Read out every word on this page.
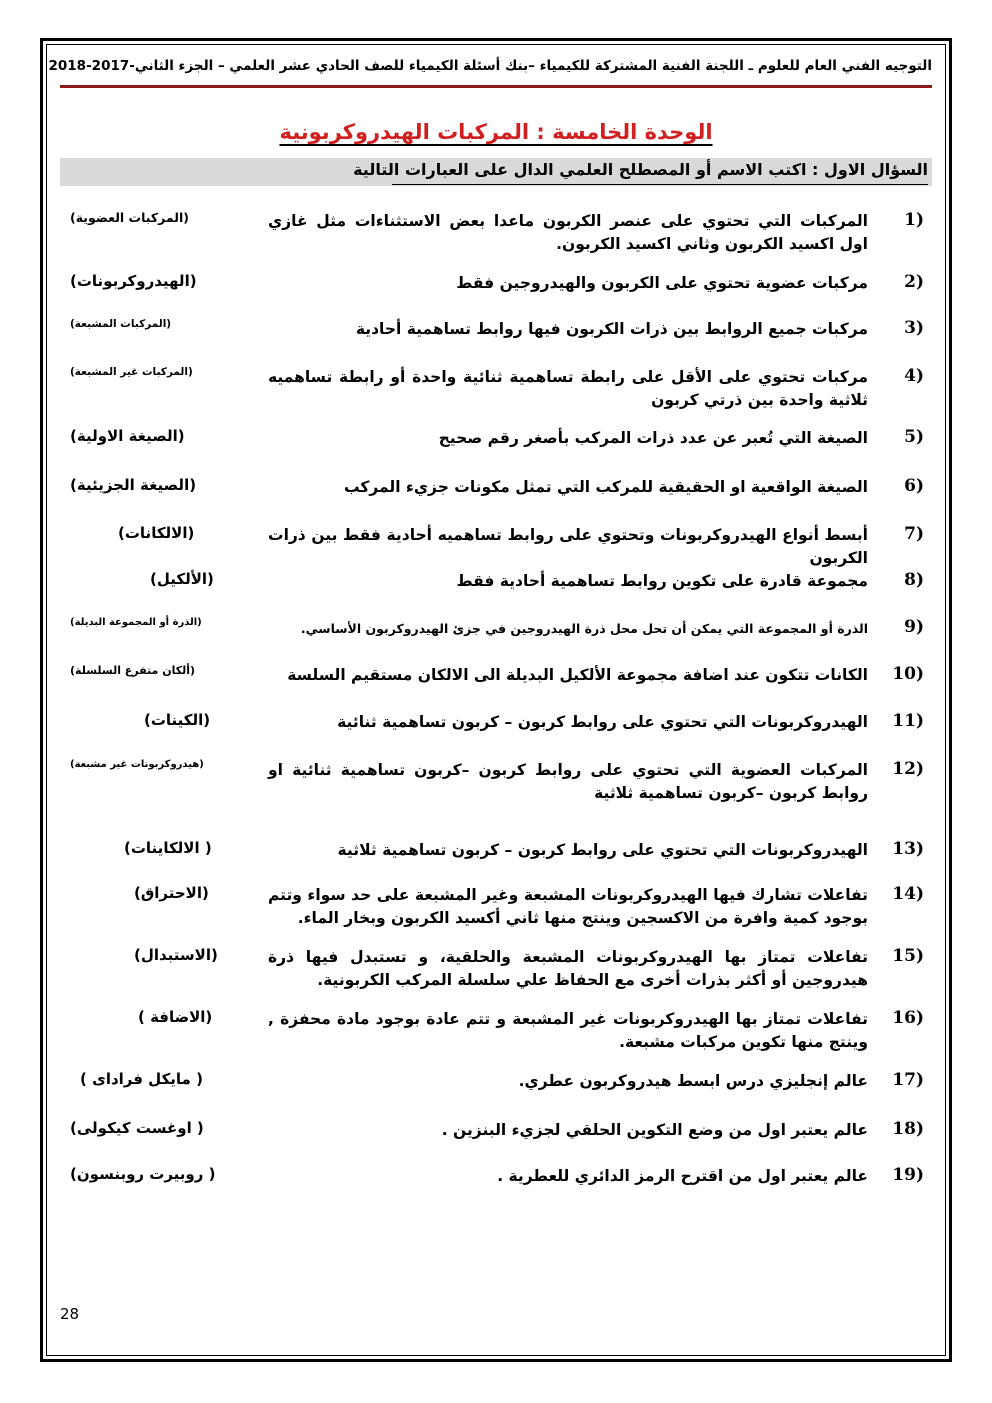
التوجيه الفني العام للعلوم ـ اللجنة الفنية المشتركة للكيمياء –بنك أسئلة الكيمياء للصف الحادي عشر العلمي – الجزء الثاني-2017-2018
الوحدة الخامسة : المركبات الهيدروكربونية
السؤال الاول : اكتب الاسم أو المصطلح العلمي الدال على العبارات التالية
(1
المركبات التي تحتوي على عنصر الكربون ماعدا بعض الاستثناءات مثل غازي اول اكسيد الكربون وثاني اكسيد الكربون.
(المركبات العضوية)
(2
مركبات عضوية تحتوي على الكربون والهيدروجين فقط
(الهيدروكربونات)
(3
مركبات جميع الروابط بين ذرات الكربون فيها روابط تساهمية أحادية
(المركبات المشبعة)
(4
مركبات تحتوي على الأقل على رابطة تساهمية ثنائية واحدة أو رابطة تساهميه ثلاثية واحدة بين ذرتي كربون
(المركبات غير المشبعة)
(5
الصيغة التي تُعبر عن عدد ذرات المركب بأصغر رقم صحيح
(الصيغة الاولية)
(6
الصيغة الواقعية او الحقيقية للمركب التي تمثل مكونات جزيء المركب
(الصيغة الجزيئية)
(7
أبسط أنواع الهيدروكربونات وتحتوي على روابط تساهميه أحادية فقط بين ذرات الكربون
(الالكانات)
(8
مجموعة قادرة على تكوين روابط تساهمية أحادية فقط
(الألكيل)
(9
الذرة أو المجموعة التي يمكن أن تحل محل ذرة الهيدروجين في جزئ الهيدروكربون الأساسي.
(الذرة أو المجموعة البديلة)
(10
الكانات تتكون عند اضافة مجموعة الألكيل البديلة الى الالكان مستقيم السلسة
(ألكان متفرع السلسلة)
(11
الهيدروكربونات التي تحتوي على روابط كربون – كربون تساهمية ثنائية
(الكينات)
(12
المركبات العضوية التي تحتوي على روابط كربون –كربون تساهمية ثنائية او روابط كربون –كربون تساهمية ثلاثية
(هيدروكربونات غير مشبعة)
(13
الهيدروكربونات التي تحتوي على روابط كربون – كربون تساهمية ثلاثية
( الالكاينات)
(14
تفاعلات تشارك فيها الهيدروكربونات المشبعة وغير المشبعة على حد سواء وتتم بوجود كمية وافرة من الاكسجين وينتج منها ثاني أكسيد الكربون وبخار الماء.
(الاحتراق)
(15
تفاعلات تمتاز بها الهيدروكربونات المشبعة والحلقية، و تستبدل فيها ذرة هيدروجين أو أكثر بذرات أخرى مع الحفاظ علي سلسلة المركب الكربونية.
(الاستبدال)
(16
تفاعلات تمتاز بها الهيدروكربونات غير المشبعة و تتم عادة بوجود مادة محفزة , وينتج منها تكوين مركبات مشبعة.
(الاضافة )
(17
عالم إنجليزي درس ابسط هيدروكربون عطري.
( مايكل فرادای )
(18
عالم يعتبر اول من وضع التكوين الحلقي لجزيء البنزين .
( اوغست كيكولی)
(19
عالم يعتبر اول من اقترح الرمز الدائري للعطرية .
( روبيرت روبنسون)
28
